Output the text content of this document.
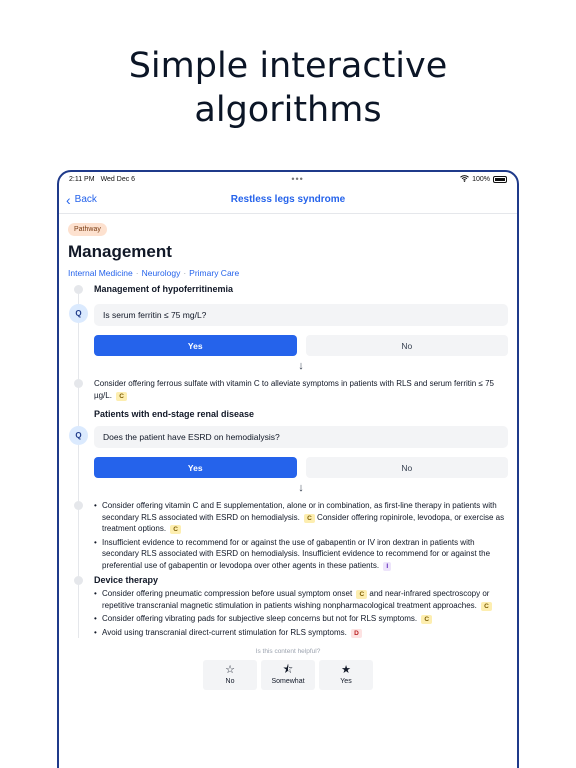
Simple interactive
algorithms
2:11 PM Wed Dec 6	•••	100%
‹ Back	Restless legs syndrome
Pathway
Management
Internal Medicine · Neurology · Primary Care
Management of hypoferritinemia
Q	Is serum ferritin ≤ 75 mg/L?
Yes	No
↓
Consider offering ferrous sulfate with vitamin C to alleviate symptoms in patients with RLS and serum ferritin ≤ 75 µg/L. C
Patients with end-stage renal disease
Q	Does the patient have ESRD on hemodialysis?
Yes	No
↓
• Consider offering vitamin C and E supplementation, alone or in combination, as first-line therapy in patients with secondary RLS associated with ESRD on hemodialysis. C Consider offering ropinirole, levodopa, or exercise as treatment options. C
• Insufficient evidence to recommend for or against the use of gabapentin or IV iron dextran in patients with secondary RLS associated with ESRD on hemodialysis. Insufficient evidence to recommend for or against the preferential use of gabapentin or levodopa over other agents in these patients. I
Device therapy
• Consider offering pneumatic compression before usual symptom onset C and near-infrared spectroscopy or repetitive transcranial magnetic stimulation in patients wishing nonpharmacological treatment approaches. C
• Consider offering vibrating pads for subjective sleep concerns but not for RLS symptoms. C
• Avoid using transcranial direct-current stimulation for RLS symptoms. D
Is this content helpful?
☆
No
⯪
Somewhat
★
Yes
